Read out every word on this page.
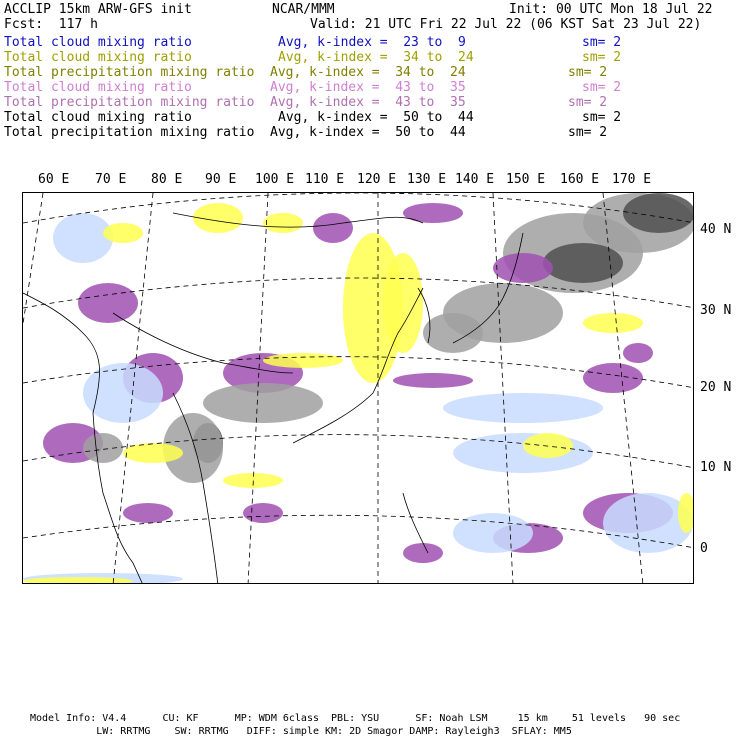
ACCLIP 15km ARW-GFS init	NCAR/MMM	Init: 00 UTC Mon 18 Jul 22
Fcst:  117 h	Valid: 21 UTC Fri 22 Jul 22 (06 KST Sat 23 Jul 22)
Total cloud mixing ratio	Avg, k-index =  23 to  9	sm= 2
Total cloud mixing ratio	Avg, k-index =  34 to  24	sm= 2
Total precipitation mixing ratio Avg, k-index =  34 to  24	sm= 2
Total cloud mixing ratio	Avg, k-index =  43 to  35	sm= 2
Total precipitation mixing ratio Avg, k-index =  43 to  35	sm= 2
Total cloud mixing ratio	Avg, k-index =  50 to  44	sm= 2
Total precipitation mixing ratio Avg, k-index =  50 to  44	sm= 2
60 E 70 E 80 E 90 E 100 E 110 E 120 E 130 E 140 E 150 E 160 E 170 E
40 N
30 N
20 N
10 N
0
Model Info: V4.4      CU: KF      MP: WDM 6class  PBL: YSU      SF: Noah LSM     15 km    51 levels   90 sec
LW: RRTMG    SW: RRTMG   DIFF: simple KM: 2D Smagor DAMP: Rayleigh3  SFLAY: MM5
